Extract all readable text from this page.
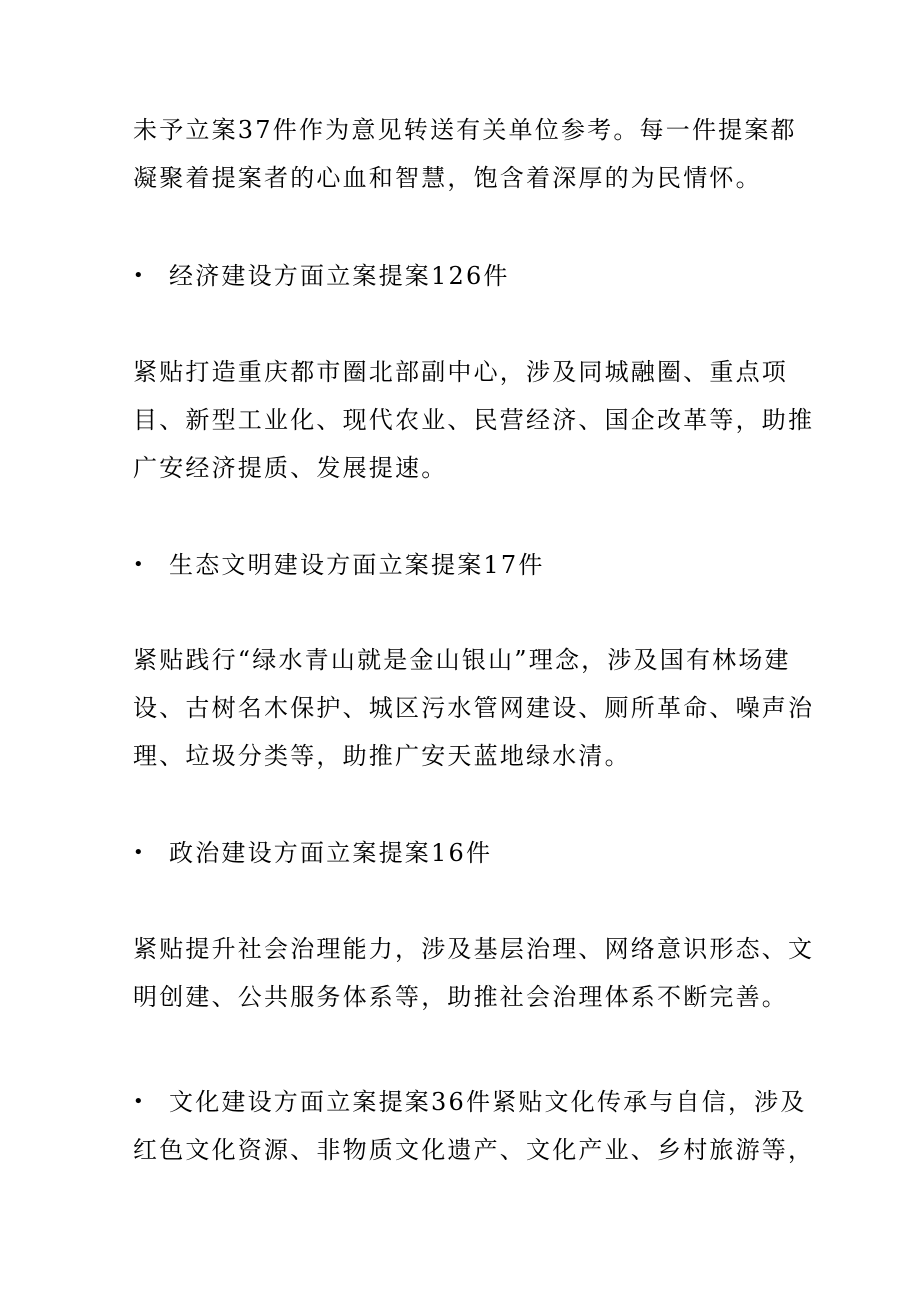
未予立案37件作为意见转送有关单位参考。每一件提案都
凝聚着提案者的心血和智慧，饱含着深厚的为民情怀。
• 经济建设方面立案提案126件
紧贴打造重庆都市圈北部副中心，涉及同城融圈、重点项
目、新型工业化、现代农业、民营经济、国企改革等，助推
广安经济提质、发展提速。
• 生态文明建设方面立案提案17件
紧贴践行“绿水青山就是金山银山”理念，涉及国有林场建
设、古树名木保护、城区污水管网建设、厕所革命、噪声治
理、垃圾分类等，助推广安天蓝地绿水清。
• 政治建设方面立案提案16件
紧贴提升社会治理能力，涉及基层治理、网络意识形态、文
明创建、公共服务体系等，助推社会治理体系不断完善。
• 文化建设方面立案提案36件紧贴文化传承与自信，涉及
红色文化资源、非物质文化遗产、文化产业、乡村旅游等，
